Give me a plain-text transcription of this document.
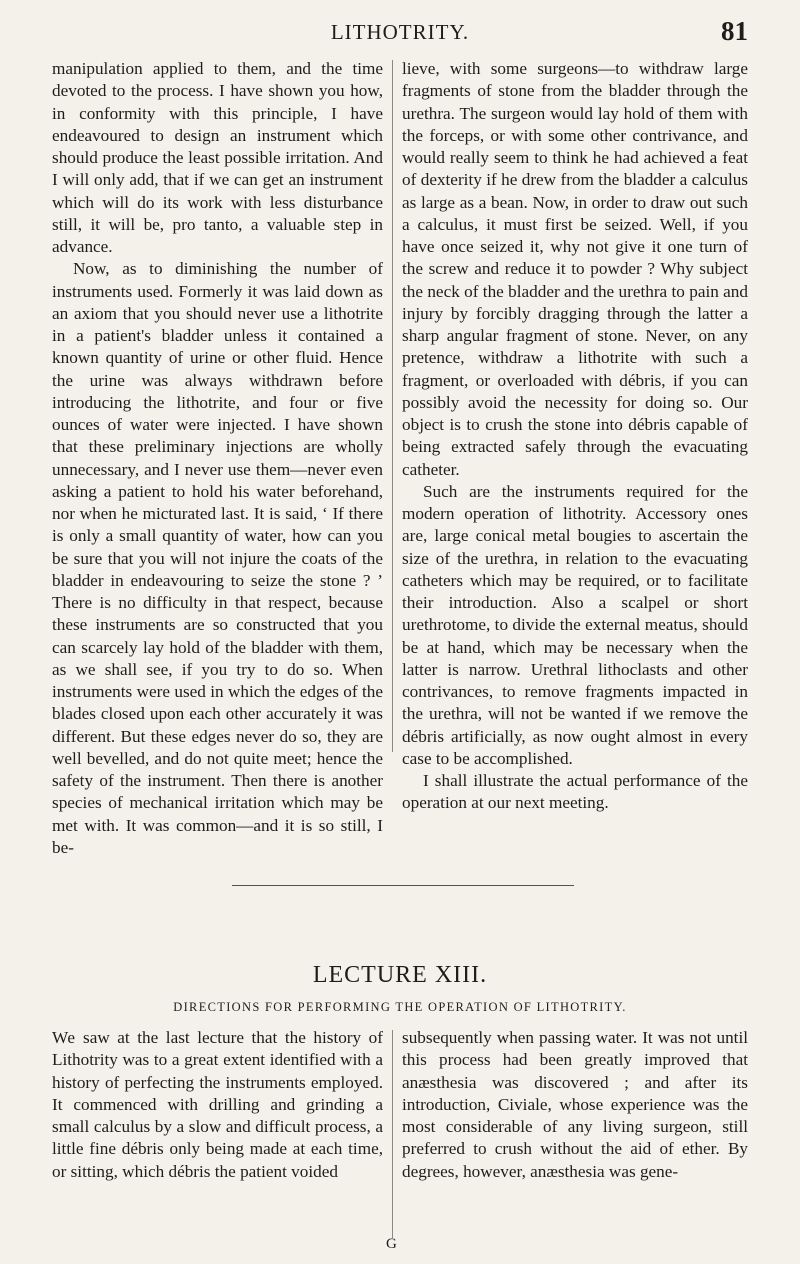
LITHOTRITY.	81

manipulation applied to them, and the time devoted to the process. I have shown you how, in conformity with this principle, I have endeavoured to design an instrument which should produce the least possible irritation. And I will only add, that if we can get an instrument which will do its work with less disturbance still, it will be, pro tanto, a valuable step in advance.

Now, as to diminishing the number of instruments used. Formerly it was laid down as an axiom that you should never use a lithotrite in a patient's bladder unless it contained a known quantity of urine or other fluid. Hence the urine was always withdrawn before introducing the lithotrite, and four or five ounces of water were injected. I have shown that these preliminary injections are wholly unnecessary, and I never use them—never even asking a patient to hold his water beforehand, nor when he micturated last. It is said, ‘ If there is only a small quantity of water, how can you be sure that you will not injure the coats of the bladder in endeavouring to seize the stone ? ’ There is no difficulty in that respect, because these instruments are so constructed that you can scarcely lay hold of the bladder with them, as we shall see, if you try to do so. When instruments were used in which the edges of the blades closed upon each other accurately it was different. But these edges never do so, they are well bevelled, and do not quite meet; hence the safety of the instrument. Then there is another species of mechanical irritation which may be met with. It was common—and it is so still, I be-

lieve, with some surgeons—to withdraw large fragments of stone from the bladder through the urethra. The surgeon would lay hold of them with the forceps, or with some other contrivance, and would really seem to think he had achieved a feat of dexterity if he drew from the bladder a calculus as large as a bean. Now, in order to draw out such a calculus, it must first be seized. Well, if you have once seized it, why not give it one turn of the screw and reduce it to powder ? Why subject the neck of the bladder and the urethra to pain and injury by forcibly dragging through the latter a sharp angular fragment of stone. Never, on any pretence, withdraw a lithotrite with such a fragment, or overloaded with débris, if you can possibly avoid the necessity for doing so. Our object is to crush the stone into débris capable of being extracted safely through the evacuating catheter.

Such are the instruments required for the modern operation of lithotrity. Accessory ones are, large conical metal bougies to ascertain the size of the urethra, in relation to the evacuating catheters which may be required, or to facilitate their introduction. Also a scalpel or short urethrotome, to divide the external meatus, should be at hand, which may be necessary when the latter is narrow. Urethral lithoclasts and other contrivances, to remove fragments impacted in the urethra, will not be wanted if we remove the débris artificially, as now ought almost in every case to be accomplished.

I shall illustrate the actual performance of the operation at our next meeting.

LECTURE XIII.
DIRECTIONS FOR PERFORMING THE OPERATION OF LITHOTRITY.

We saw at the last lecture that the history of Lithotrity was to a great extent identified with a history of perfecting the instruments employed. It commenced with drilling and grinding a small calculus by a slow and difficult process, a little fine débris only being made at each time, or sitting, which débris the patient voided

subsequently when passing water. It was not until this process had been greatly improved that anæsthesia was discovered ; and after its introduction, Civiale, whose experience was the most considerable of any living surgeon, still preferred to crush without the aid of ether. By degrees, however, anæsthesia was gene-

G
